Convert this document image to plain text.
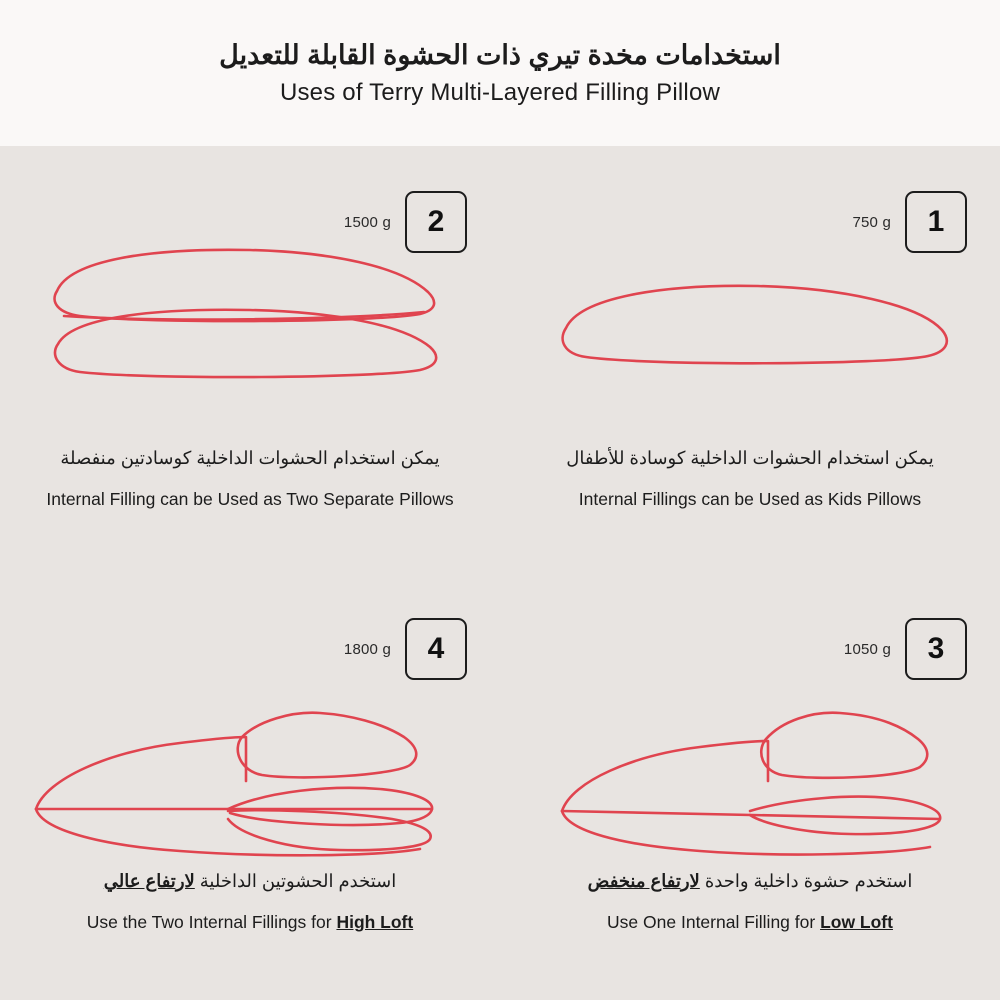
استخدامات مخدة تيري ذات الحشوة القابلة للتعديل
Uses of Terry Multi-Layered Filling Pillow
1500 g	2
يمكن استخدام الحشوات الداخلية كوسادتين منفصلة
Internal Filling can be Used as Two Separate Pillows
750 g	1
يمكن استخدام الحشوات الداخلية كوسادة للأطفال
Internal Fillings can be Used as Kids Pillows
1800 g	4
استخدم الحشوتين الداخلية لارتفاع عالي
Use the Two Internal Fillings for High Loft
1050 g	3
استخدم حشوة داخلية واحدة لارتفاع منخفض
Use One Internal Filling for Low Loft
